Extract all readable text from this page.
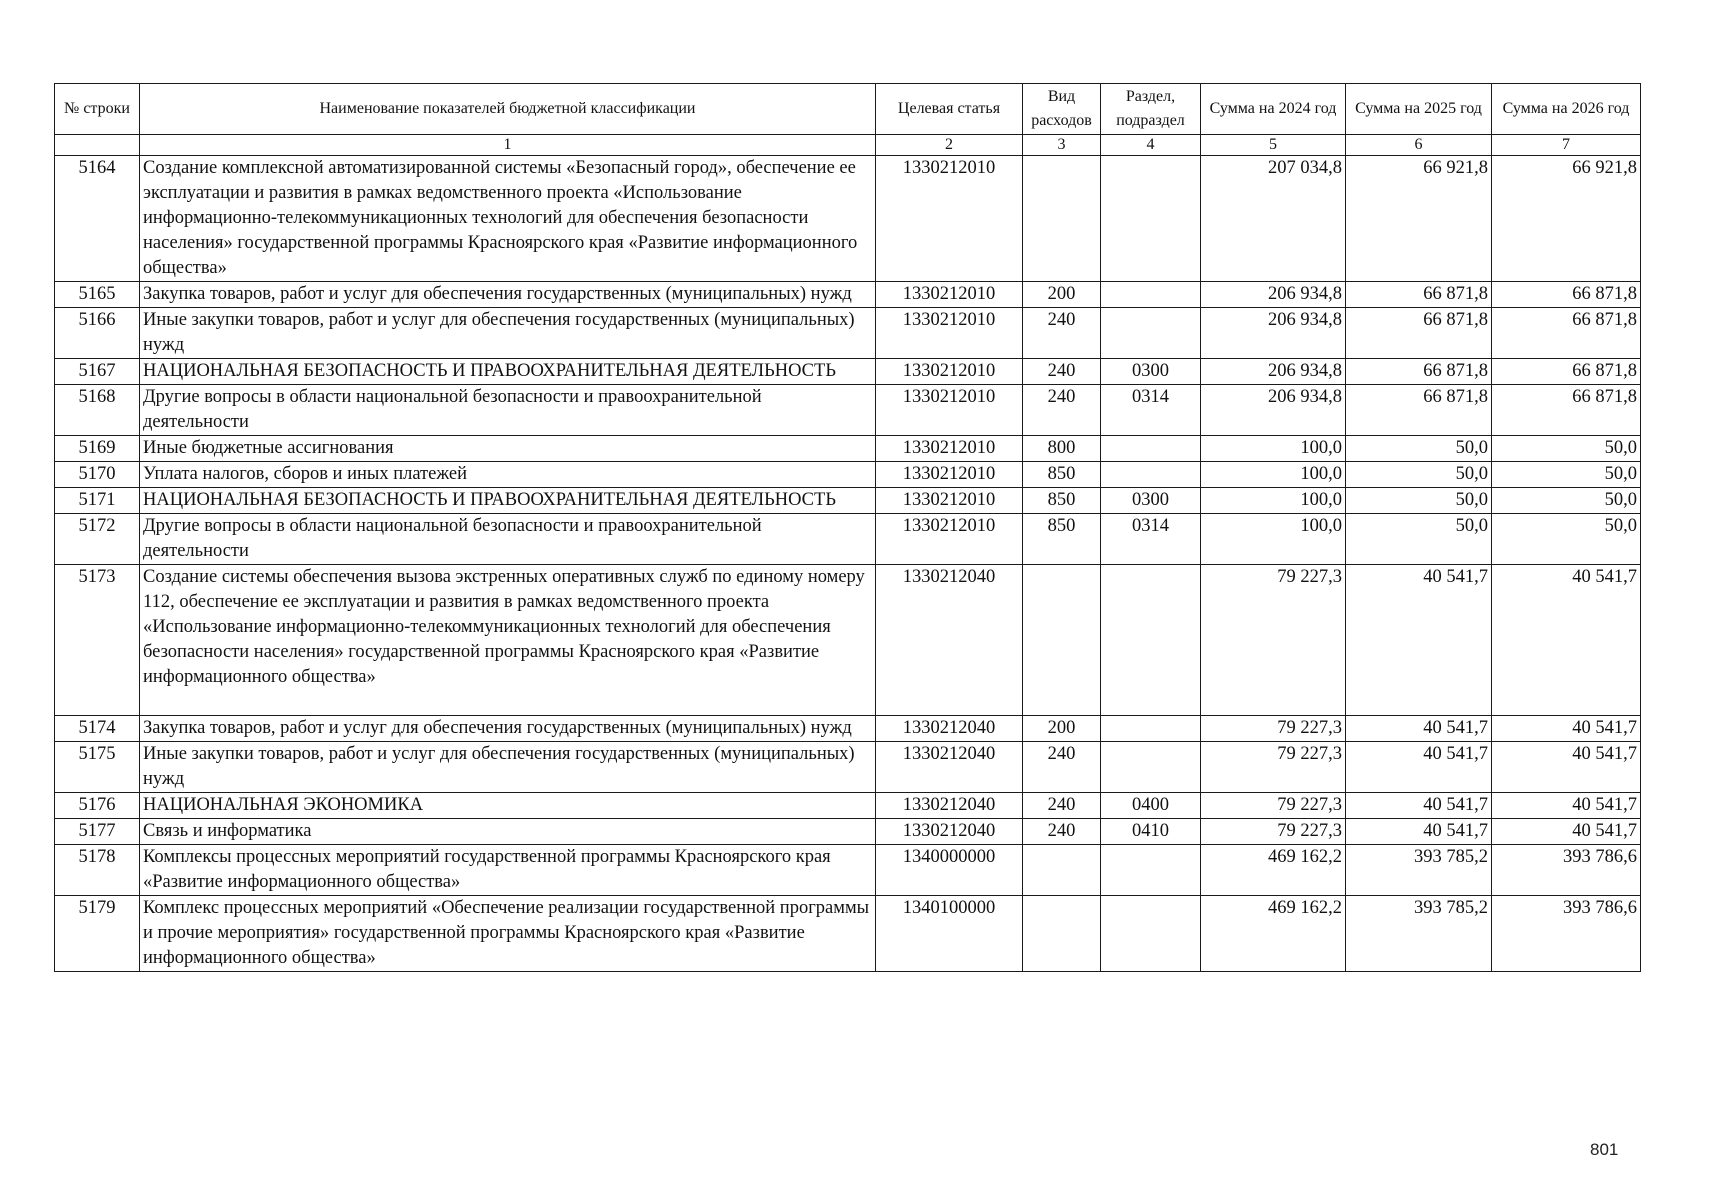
№ строки	Наименование показателей бюджетной классификации	Целевая статья	Вид расходов	Раздел, подраздел	Сумма на 2024 год	Сумма на 2025 год	Сумма на 2026 год
	1	2	3	4	5	6	7
5164	Создание комплексной автоматизированной системы «Безопасный город», обеспечение ее эксплуатации и развития в рамках ведомственного проекта «Использование информационно-телекоммуникационных технологий для обеспечения безопасности населения» государственной программы Красноярского края «Развитие информационного общества»	1330212010			207 034,8	66 921,8	66 921,8
5165	Закупка товаров, работ и услуг для обеспечения государственных (муниципальных) нужд	1330212010	200		206 934,8	66 871,8	66 871,8
5166	Иные закупки товаров, работ и услуг для обеспечения государственных (муниципальных) нужд	1330212010	240		206 934,8	66 871,8	66 871,8
5167	НАЦИОНАЛЬНАЯ БЕЗОПАСНОСТЬ И ПРАВООХРАНИТЕЛЬНАЯ ДЕЯТЕЛЬНОСТЬ	1330212010	240	0300	206 934,8	66 871,8	66 871,8
5168	Другие вопросы в области национальной безопасности и правоохранительной деятельности	1330212010	240	0314	206 934,8	66 871,8	66 871,8
5169	Иные бюджетные ассигнования	1330212010	800		100,0	50,0	50,0
5170	Уплата налогов, сборов и иных платежей	1330212010	850		100,0	50,0	50,0
5171	НАЦИОНАЛЬНАЯ БЕЗОПАСНОСТЬ И ПРАВООХРАНИТЕЛЬНАЯ ДЕЯТЕЛЬНОСТЬ	1330212010	850	0300	100,0	50,0	50,0
5172	Другие вопросы в области национальной безопасности и правоохранительной деятельности	1330212010	850	0314	100,0	50,0	50,0
5173	Создание системы обеспечения вызова экстренных оперативных служб по единому номеру 112, обеспечение ее эксплуатации и развития в рамках ведомственного проекта «Использование информационно-телекоммуникационных технологий для обеспечения безопасности населения» государственной программы Красноярского края «Развитие информационного общества»	1330212040			79 227,3	40 541,7	40 541,7
5174	Закупка товаров, работ и услуг для обеспечения государственных (муниципальных) нужд	1330212040	200		79 227,3	40 541,7	40 541,7
5175	Иные закупки товаров, работ и услуг для обеспечения государственных (муниципальных) нужд	1330212040	240		79 227,3	40 541,7	40 541,7
5176	НАЦИОНАЛЬНАЯ ЭКОНОМИКА	1330212040	240	0400	79 227,3	40 541,7	40 541,7
5177	Связь и информатика	1330212040	240	0410	79 227,3	40 541,7	40 541,7
5178	Комплексы процессных мероприятий государственной программы Красноярского края «Развитие информационного общества»	1340000000			469 162,2	393 785,2	393 786,6
5179	Комплекс процессных мероприятий «Обеспечение реализации государственной программы и прочие мероприятия» государственной программы Красноярского края «Развитие информационного общества»	1340100000			469 162,2	393 785,2	393 786,6
801
